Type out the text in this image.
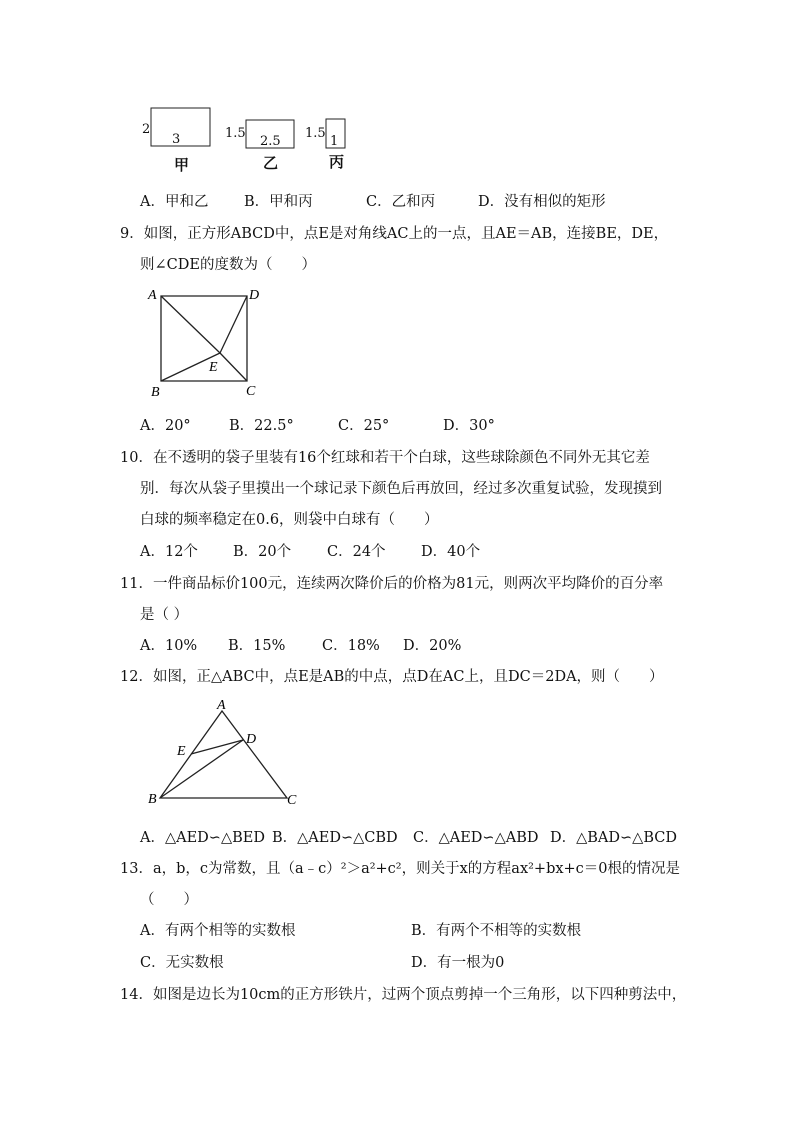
2
3
甲
1.5
2.5
乙
1.5
1
丙
A．甲和乙 B．甲和丙	C．乙和丙	D．没有相似的矩形
9．如图，正方形ABCD中，点E是对角线AC上的一点，且AE＝AB，连接BE，DE，
则∠CDE的度数为（　　）
A	D
B	C
E
A．20°	B．22.5°	C．25°	D．30°
10．在不透明的袋子里装有16个红球和若干个白球，这些球除颜色不同外无其它差
别．每次从袋子里摸出一个球记录下颜色后再放回，经过多次重复试验，发现摸到
白球的频率稳定在0.6，则袋中白球有（　　）
A．12个 B．20个 C．24个 D．40个
11．一件商品标价100元，连续两次降价后的价格为81元，则两次平均降价的百分率
是（ ）
A．10% B．15%	C．18% D．20%
12．如图，正△ABC中，点E是AB的中点，点D在AC上，且DC＝2DA，则（　　）
A
E
D
B	C
A．△AED∽△BED B．△AED∽△CBD C．△AED∽△ABD D．△BAD∽△BCD
13．a，b，c为常数，且（a﹣c）²＞a²+c²，则关于x的方程ax²+bx+c＝0根的情况是
（　　）
A．有两个相等的实数根	B．有两个不相等的实数根
C．无实数根	D．有一根为0
14．如图是边长为10cm的正方形铁片，过两个顶点剪掉一个三角形，以下四种剪法中，
